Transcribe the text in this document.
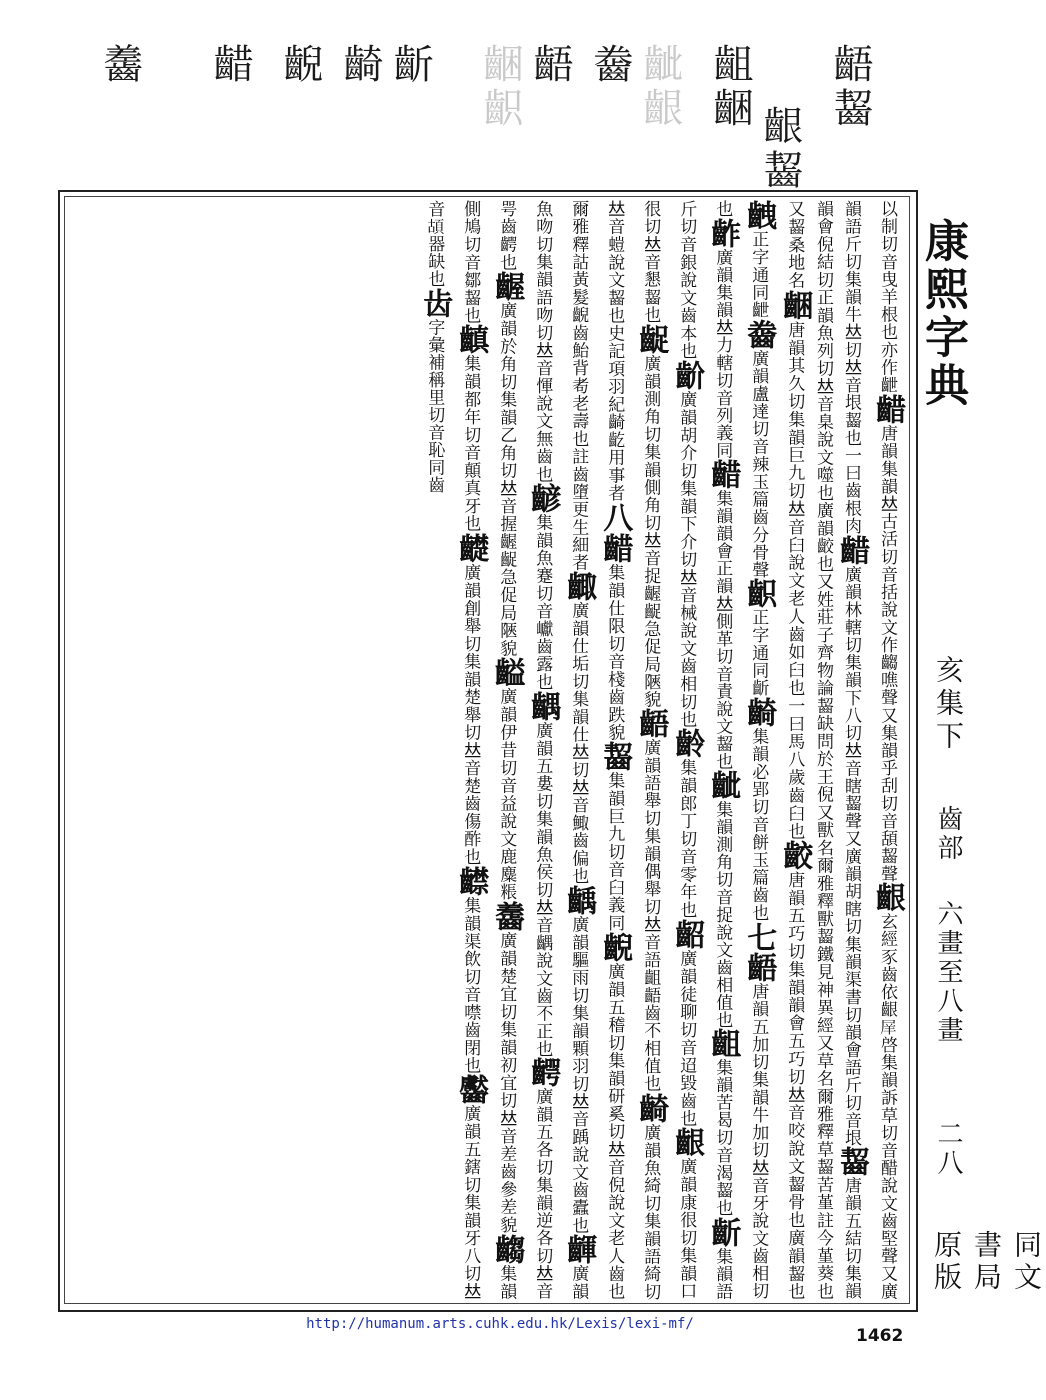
齬齧
齦齧
齟齫
齜齦
齤
齬
齫齞
齗
齮
齯
齰
齹
康熙字典
亥集下
齒部
六畫至八畫
二八
同文書局原版
以制切音曳羊根也亦作齛齰唐韻集韻𠀤古活切音括說文作齺噍聲又集韻乎刮切音頢齧聲齦玄經豕齒依齦𡱝啓集韻訴草切音醋說文齒堅聲又廣韻語斤切集韻牛𠀤切𠀤音垠齧也一曰齒根肉齰廣韻林轄切集韻下八切𠀤音瞎齧聲又廣韻胡瞎切集韻渠書切韻會語斤切音垠齧唐韻五結切集韻韻會倪結切正韻魚列切𠀤音臬說文噬也廣韻齩也又姓莊子齊物論齧缺問於王倪又獸名爾雅釋獸齧鐵見神異經又草名爾雅釋草齧苦堇註今堇葵也又齧桑地名齫唐韻其久切集韻巨九切𠀤音臼說文老人齒如臼也一曰馬八歲齒臼也齩唐韻五巧切集韻韻會五巧切𠀤音咬說文齧骨也廣韻齧也齥正字通同齛齤廣韻盧達切音辣玉篇齒分骨聲齞正字通同齗齮集韻必郢切音餅玉篇齒也七齬唐韻五加切集韻牛加切𠀤音牙說文齒相切也齚廣韻集韻𠀤力轄切音列義同齰集韻韻會正韻𠀤側革切音責說文齧也齜集韻測角切音捉說文齒相值也齟集韻苦曷切音渴齧也齗集韻語斤切音銀說文齒本也齘廣韻胡介切集韻下介切𠀤音械說文齒相切也齡集韻郎丁切音零年也齠廣韻徒聊切音迢毀齒也齦廣韻康很切集韻口很切𠀤音懇齧也齪廣韻測角切集韻側角切𠀤音捉齷齪急促局陿貌齬廣韻語舉切集韻偶舉切𠀤音語齟齬齒不相值也齮廣韻魚綺切集韻語綺切𠀤音螘說文齧也史記項羽紀齮齕用事者八齰集韻仕限切音棧齒跌貌齧集韻巨九切音臼義同齯廣韻五稽切集韻研奚切𠀤音倪說文老人齒也爾雅釋詁黃髮齯齒鮐背耇老壽也註齒墮更生細者齱廣韻仕垢切集韻仕𠀤切𠀤音鯫齒偏也齲廣韻驅雨切集韻顆羽切𠀤音踽說文齒蠹也齳廣韻魚吻切集韻語吻切𠀤音惲說文無齒也齴集韻魚蹇切音巘齒露也齵廣韻五婁切集韻魚侯切𠀤音齵說文齒不正也齶廣韻五各切集韻逆各切𠀤音咢齒齶也齷廣韻於角切集韻乙角切𠀤音握齷齪急促局陿貌齸廣韻伊昔切音益說文鹿麋粻齹廣韻楚宜切集韻初宜切𠀤音差齒參差貌齺集韻側鳩切音鄒齧也齻集韻都年切音顛真牙也齼廣韻創舉切集韻楚舉切𠀤音楚齒傷酢也齽集韻渠飲切音噤齒閉也齾廣韻五鎋切集韻牙八切𠀤音𩑶器缺也齿字彙補稱里切音恥同齒
http://humanum.arts.cuhk.edu.hk/Lexis/lexi-mf/
1462
